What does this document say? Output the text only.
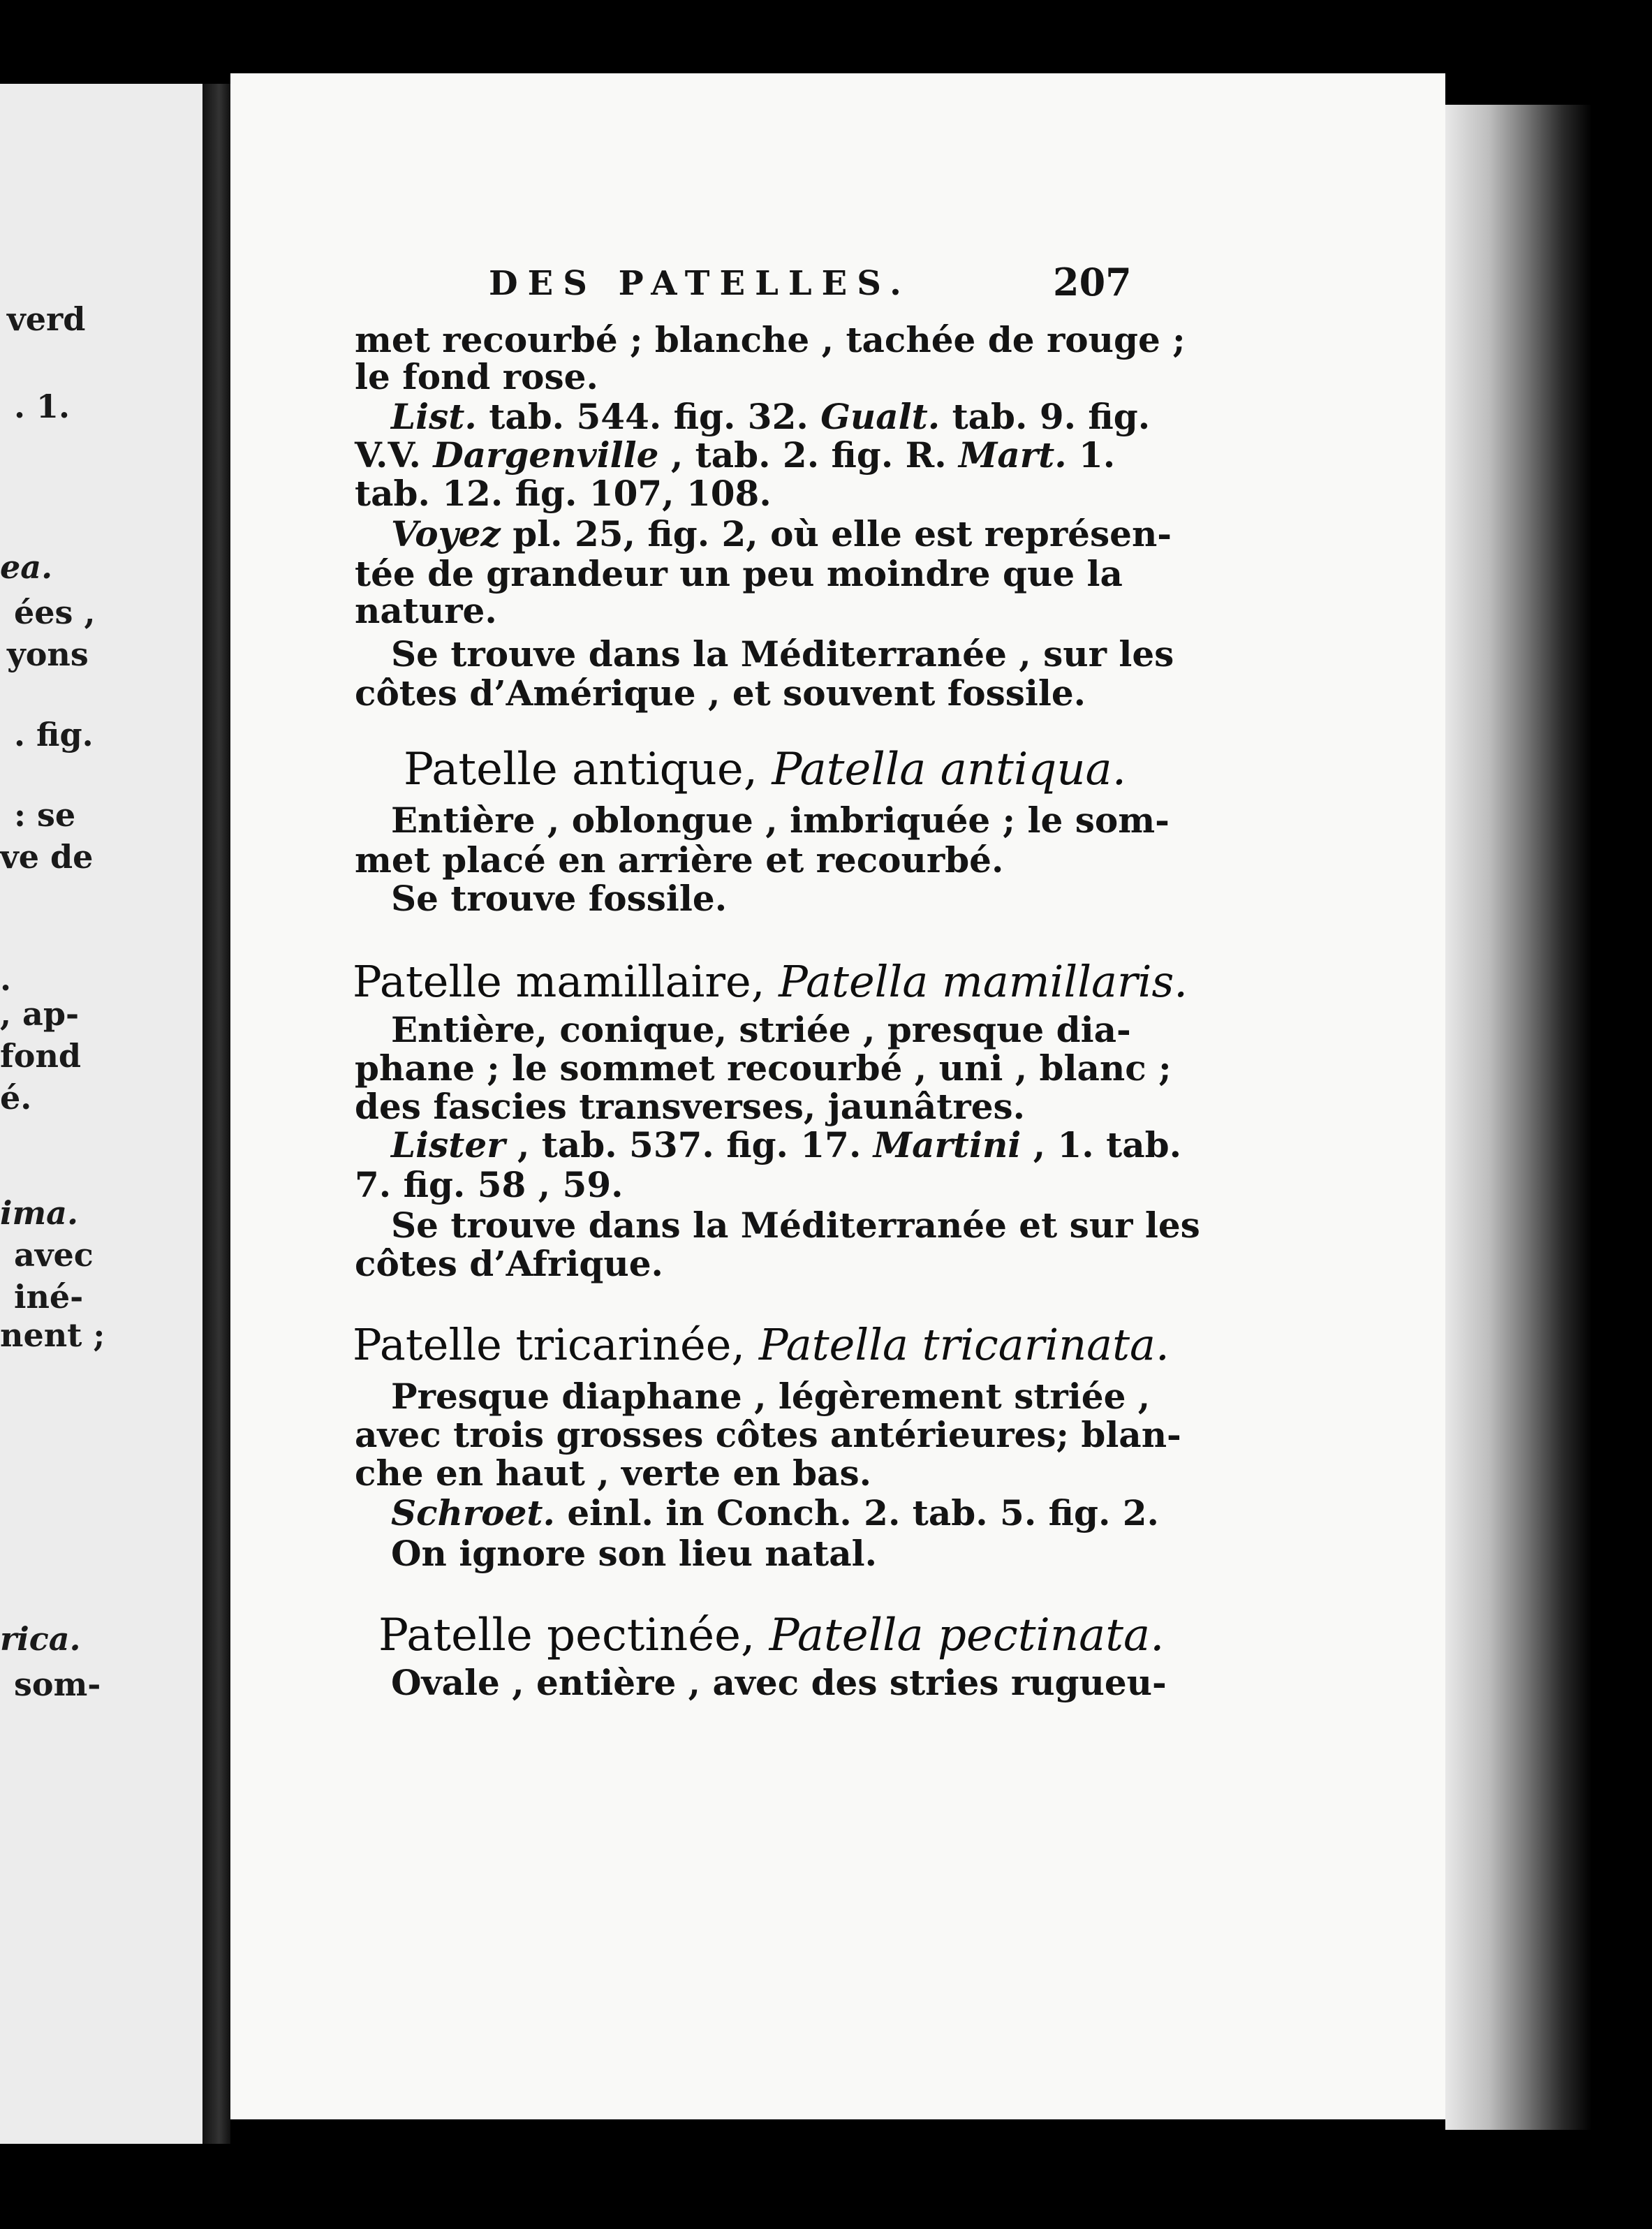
verd
. 1.
ea.
ées ,
yons
. fig.
: se
ve de
.
, ap-
fond
é.
ima.
avec
iné-
nent ;
rica.
som-
DES PATELLES.	207
met recourbé ; blanche , tachée de rouge ;
le fond rose.
List. tab. 544. fig. 32. Gualt. tab. 9. fig.
V.V. Dargenville , tab. 2. fig. R. Mart. 1.
tab. 12. fig. 107, 108.
Voyez pl. 25, fig. 2, où elle est représen-
tée de grandeur un peu moindre que la
nature.
Se trouve dans la Méditerranée , sur les
côtes d’Amérique , et souvent fossile.
Patelle antique, Patella antiqua.
Entière , oblongue , imbriquée ; le som-
met placé en arrière et recourbé.
Se trouve fossile.
Patelle mamillaire, Patella mamillaris.
Entière, conique, striée , presque dia-
phane ; le sommet recourbé , uni , blanc ;
des fascies transverses, jaunâtres.
Lister , tab. 537. fig. 17. Martini , 1. tab.
7. fig. 58 , 59.
Se trouve dans la Méditerranée et sur les
côtes d’Afrique.
Patelle tricarinée, Patella tricarinata.
Presque diaphane , légèrement striée ,
avec trois grosses côtes antérieures; blan-
che en haut , verte en bas.
Schroet. einl. in Conch. 2. tab. 5. fig. 2.
On ignore son lieu natal.
Patelle pectinée, Patella pectinata.
Ovale , entière , avec des stries rugueu-
